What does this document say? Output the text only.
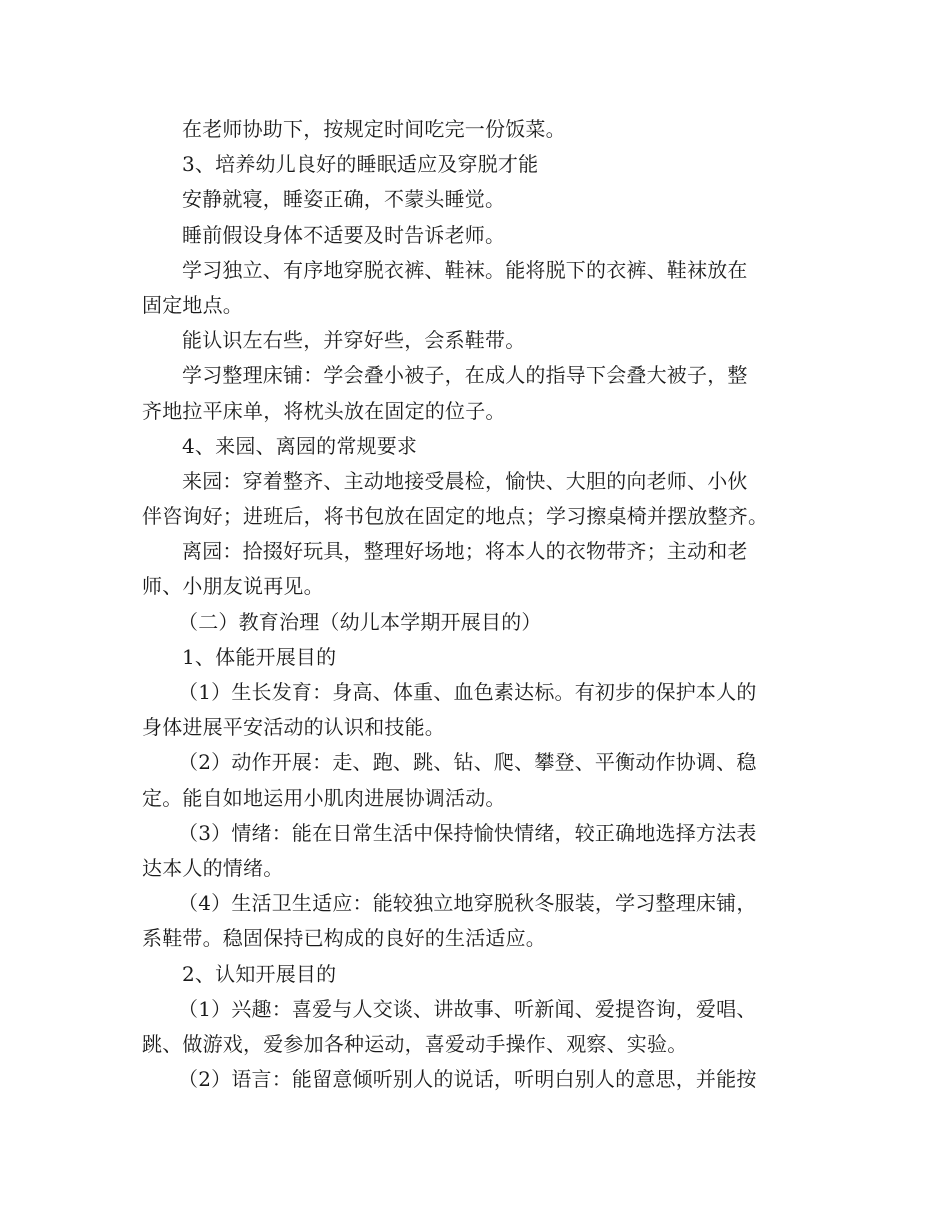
在老师协助下，按规定时间吃完一份饭菜。
3、培养幼儿良好的睡眠适应及穿脱才能
安静就寝，睡姿正确，不蒙头睡觉。
睡前假设身体不适要及时告诉老师。
学习独立、有序地穿脱衣裤、鞋袜。能将脱下的衣裤、鞋袜放在
固定地点。
能认识左右些，并穿好些，会系鞋带。
学习整理床铺：学会叠小被子，在成人的指导下会叠大被子，整
齐地拉平床单，将枕头放在固定的位子。
4、来园、离园的常规要求
来园：穿着整齐、主动地接受晨检，愉快、大胆的向老师、小伙
伴咨询好；进班后，将书包放在固定的地点；学习擦桌椅并摆放整齐。
离园：拾掇好玩具，整理好场地；将本人的衣物带齐；主动和老
师、小朋友说再见。
（二）教育治理（幼儿本学期开展目的）
1、体能开展目的
（1）生长发育：身高、体重、血色素达标。有初步的保护本人的
身体进展平安活动的认识和技能。
（2）动作开展：走、跑、跳、钻、爬、攀登、平衡动作协调、稳
定。能自如地运用小肌肉进展协调活动。
（3）情绪：能在日常生活中保持愉快情绪，较正确地选择方法表
达本人的情绪。
（4）生活卫生适应：能较独立地穿脱秋冬服装，学习整理床铺，
系鞋带。稳固保持已构成的良好的生活适应。
2、认知开展目的
（1）兴趣：喜爱与人交谈、讲故事、听新闻、爱提咨询，爱唱、
跳、做游戏，爱参加各种运动，喜爱动手操作、观察、实验。
（2）语言：能留意倾听别人的说话，听明白别人的意思，并能按
